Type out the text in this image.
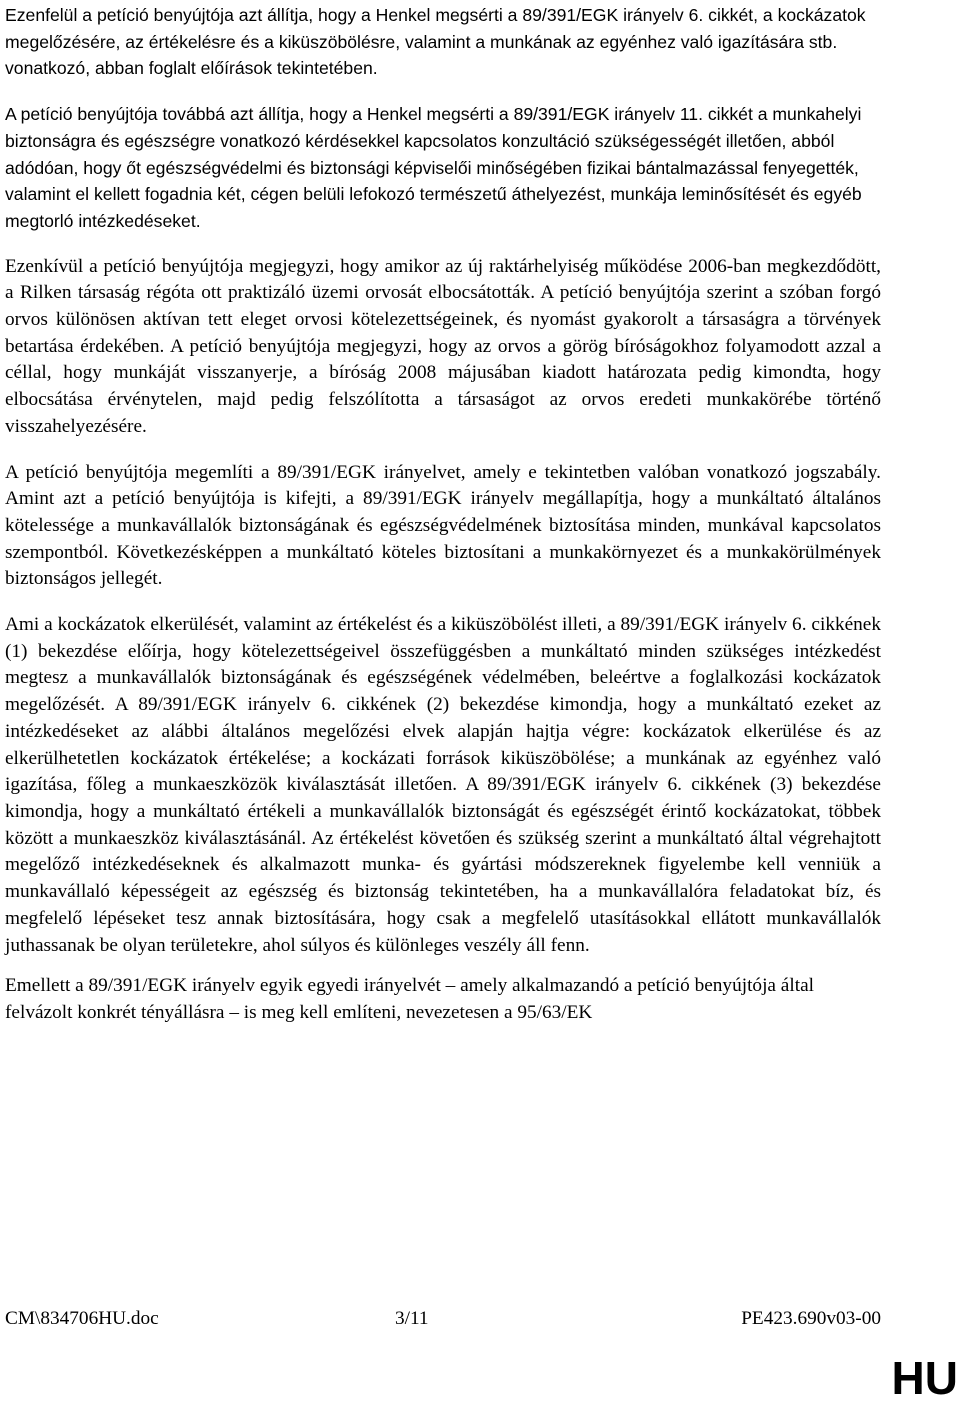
Ezenfelül a petíció benyújtója azt állítja, hogy a Henkel megsérti a 89/391/EGK irányelv 6. cikkét, a kockázatok megelőzésére, az értékelésre és a kiküszöbölésre, valamint a munkának az egyénhez való igazítására stb. vonatkozó, abban foglalt előírások tekintetében.

A petíció benyújtója továbbá azt állítja, hogy a Henkel megsérti a 89/391/EGK irányelv 11. cikkét a munkahelyi biztonságra és egészségre vonatkozó kérdésekkel kapcsolatos konzultáció szükségességét illetően, abból adódóan, hogy őt egészségvédelmi és biztonsági képviselői minőségében fizikai bántalmazással fenyegették, valamint el kellett fogadnia két, cégen belüli lefokozó természetű áthelyezést, munkája leminősítését és egyéb megtorló intézkedéseket.

Ezenkívül a petíció benyújtója megjegyzi, hogy amikor az új raktárhelyiség működése 2006-ban megkezdődött, a Rilken társaság régóta ott praktizáló üzemi orvosát elbocsátották. A petíció benyújtója szerint a szóban forgó orvos különösen aktívan tett eleget orvosi kötelezettségeinek, és nyomást gyakorolt a társaságra a törvények betartása érdekében. A petíció benyújtója megjegyzi, hogy az orvos a görög bíróságokhoz folyamodott azzal a céllal, hogy munkáját visszanyerje, a bíróság 2008 májusában kiadott határozata pedig kimondta, hogy elbocsátása érvénytelen, majd pedig felszólította a társaságot az orvos eredeti munkakörébe történő visszahelyezésére.

A petíció benyújtója megemlíti a 89/391/EGK irányelvet, amely e tekintetben valóban vonatkozó jogszabály. Amint azt a petíció benyújtója is kifejti, a 89/391/EGK irányelv megállapítja, hogy a munkáltató általános kötelessége a munkavállalók biztonságának és egészségvédelmének biztosítása minden, munkával kapcsolatos szempontból. Következésképpen a munkáltató köteles biztosítani a munkakörnyezet és a munkakörülmények biztonságos jellegét.

Ami a kockázatok elkerülését, valamint az értékelést és a kiküszöbölést illeti, a 89/391/EGK irányelv 6. cikkének (1) bekezdése előírja, hogy kötelezettségeivel összefüggésben a munkáltató minden szükséges intézkedést megtesz a munkavállalók biztonságának és egészségének védelmében, beleértve a foglalkozási kockázatok megelőzését. A 89/391/EGK irányelv 6. cikkének (2) bekezdése kimondja, hogy a munkáltató ezeket az intézkedéseket az alábbi általános megelőzési elvek alapján hajtja végre: kockázatok elkerülése és az elkerülhetetlen kockázatok értékelése; a kockázati források kiküszöbölése; a munkának az egyénhez való igazítása, főleg a munkaeszközök kiválasztását illetően. A 89/391/EGK irányelv 6. cikkének (3) bekezdése kimondja, hogy a munkáltató értékeli a munkavállalók biztonságát és egészségét érintő kockázatokat, többek között a munkaeszköz kiválasztásánál. Az értékelést követően és szükség szerint a munkáltató által végrehajtott megelőző intézkedéseknek és alkalmazott munka- és gyártási módszereknek figyelembe kell venniük a munkavállaló képességeit az egészség és biztonság tekintetében, ha a munkavállalóra feladatokat bíz, és megfelelő lépéseket tesz annak biztosítására, hogy csak a megfelelő utasításokkal ellátott munkavállalók juthassanak be olyan területekre, ahol súlyos és különleges veszély áll fenn.

Emellett a 89/391/EGK irányelv egyik egyedi irányelvét – amely alkalmazandó a petíció benyújtója által felvázolt konkrét tényállásra – is meg kell említeni, nevezetesen a 95/63/EK

CM\834706HU.doc	3/11	PE423.690v03-00
HU
